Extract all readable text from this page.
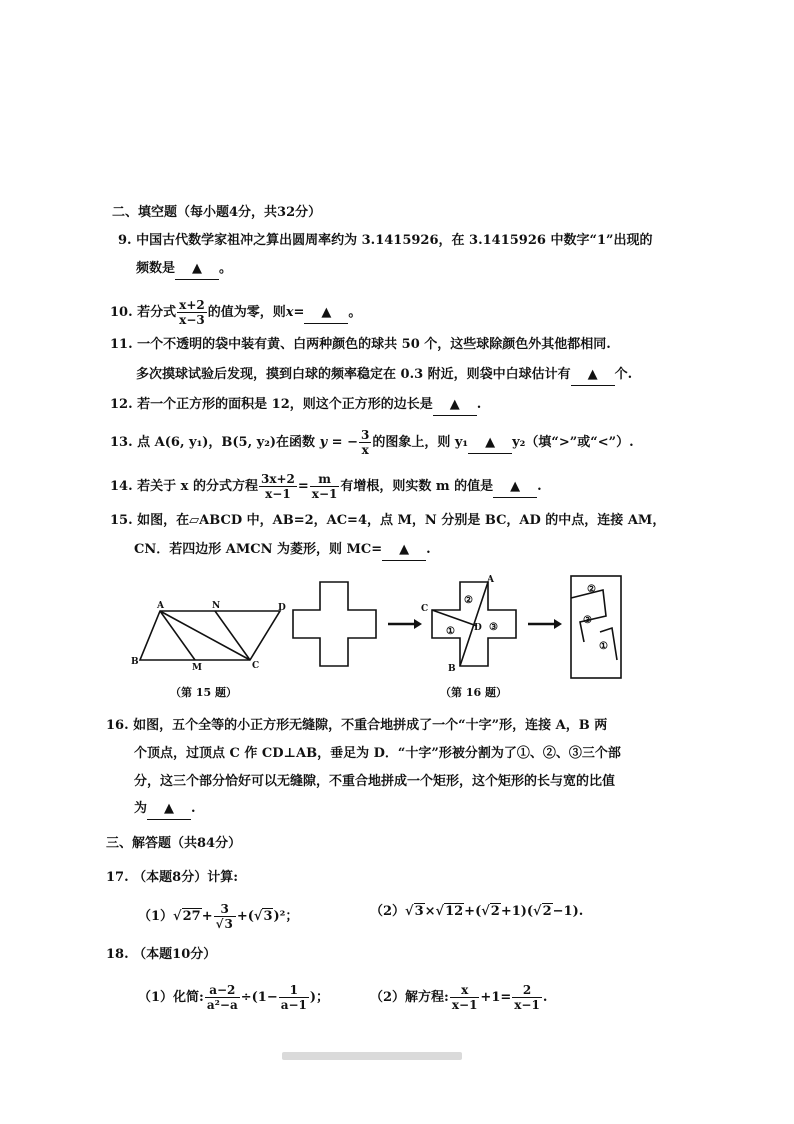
二、填空题（每小题4分，共32分）
9. 中国古代数学家祖冲之算出圆周率约为 3.1415926，在 3.1415926 中数字“1”出现的
频数是 ▲ 。
10. 若分式 $\frac{x+2}{x-3}$ 的值为零，则x= ▲ 。
11. 一个不透明的袋中装有黄、白两种颜色的球共 50 个，这些球除颜色外其他都相同.
多次摸球试验后发现，摸到白球的频率稳定在 0.3 附近，则袋中白球估计有 ▲ 个.
12. 若一个正方形的面积是 12，则这个正方形的边长是 ▲ .
13. 点 A(6, y₁)，B(5, y₂)在函数 y = − $\frac{3}{x}$ 的图象上，则 y₁ ▲ y₂（填“>”或“<”）.
14. 若关于 x 的分式方程 $\frac{3x+2}{x-1} = \frac{m}{x-1}$ 有增根，则实数 m 的值是 ▲ .
15. 如图，在▱ABCD 中，AB=2，AC=4，点 M，N 分别是 BC，AD 的中点，连接 AM，
CN．若四边形 AMCN 为菱形，则 MC= ▲ .
A	N	D
B
M	C
A
C
D
B
①
②
③
②
③
①
（第 15 题）	（第 16 题）
16. 如图，五个全等的小正方形无缝隙，不重合地拼成了一个“十字”形，连接 A，B 两
个顶点，过顶点 C 作 CD⊥AB，垂足为 D．“十字”形被分割为了①、②、③三个部
分，这三个部分恰好可以无缝隙，不重合地拼成一个矩形，这个矩形的长与宽的比值
为 ▲ .
三、解答题（共84分）
17. （本题8分）计算:
$(1)√27+ \frac{3}{√3} +(√3)^2$；	（2）√3×√12+(√2+1)(√2−1).
18. （本题10分）
（1）化简: $\frac{a-2}{\text{a²−a}} \div(1- \frac{1}{a-1}$ )；	（2）解方程: $\frac{x}{x-1} +1= \frac{2}{x-1}$ .
